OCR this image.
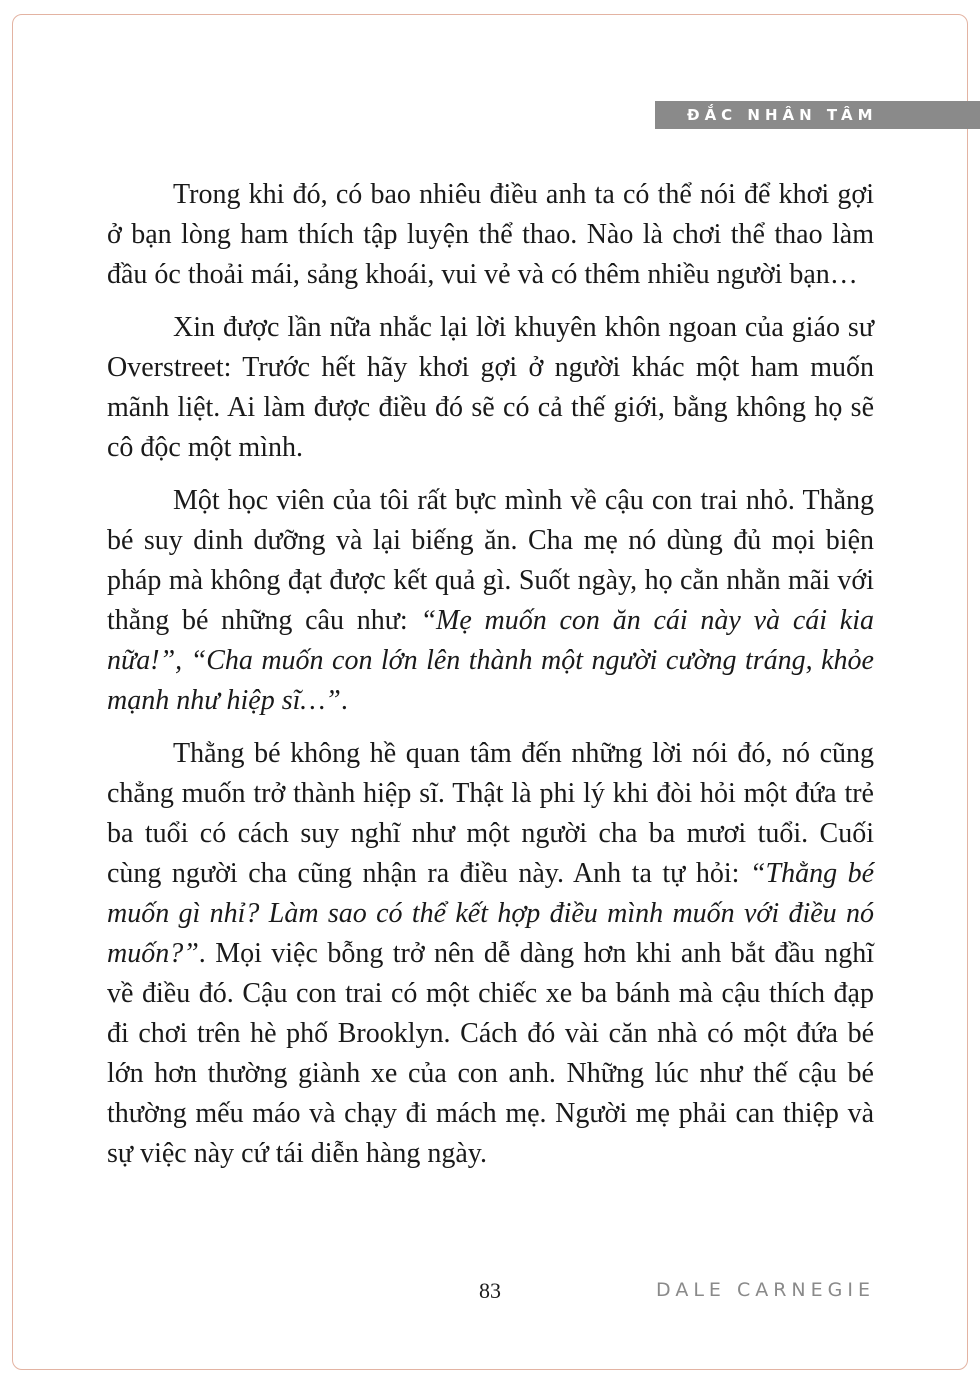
ĐẮC NHÂN TÂM

Trong khi đó, có bao nhiêu điều anh ta có thể nói để khơi gợi ở bạn lòng ham thích tập luyện thể thao. Nào là chơi thể thao làm đầu óc thoải mái, sảng khoái, vui vẻ và có thêm nhiều người bạn…

Xin được lần nữa nhắc lại lời khuyên khôn ngoan của giáo sư Overstreet: Trước hết hãy khơi gợi ở người khác một ham muốn mãnh liệt. Ai làm được điều đó sẽ có cả thế giới, bằng không họ sẽ cô độc một mình.

Một học viên của tôi rất bực mình về cậu con trai nhỏ. Thằng bé suy dinh dưỡng và lại biếng ăn. Cha mẹ nó dùng đủ mọi biện pháp mà không đạt được kết quả gì. Suốt ngày, họ cằn nhằn mãi với thằng bé những câu như: “Mẹ muốn con ăn cái này và cái kia nữa!”, “Cha muốn con lớn lên thành một người cường tráng, khỏe mạnh như hiệp sĩ…”.

Thằng bé không hề quan tâm đến những lời nói đó, nó cũng chẳng muốn trở thành hiệp sĩ. Thật là phi lý khi đòi hỏi một đứa trẻ ba tuổi có cách suy nghĩ như một người cha ba mươi tuổi. Cuối cùng người cha cũng nhận ra điều này. Anh ta tự hỏi: “Thằng bé muốn gì nhỉ? Làm sao có thể kết hợp điều mình muốn với điều nó muốn?”. Mọi việc bỗng trở nên dễ dàng hơn khi anh bắt đầu nghĩ về điều đó. Cậu con trai có một chiếc xe ba bánh mà cậu thích đạp đi chơi trên hè phố Brooklyn. Cách đó vài căn nhà có một đứa bé lớn hơn thường giành xe của con anh. Những lúc như thế cậu bé thường mếu máo và chạy đi mách mẹ. Người mẹ phải can thiệp và sự việc này cứ tái diễn hàng ngày.

83	DALE CARNEGIE
